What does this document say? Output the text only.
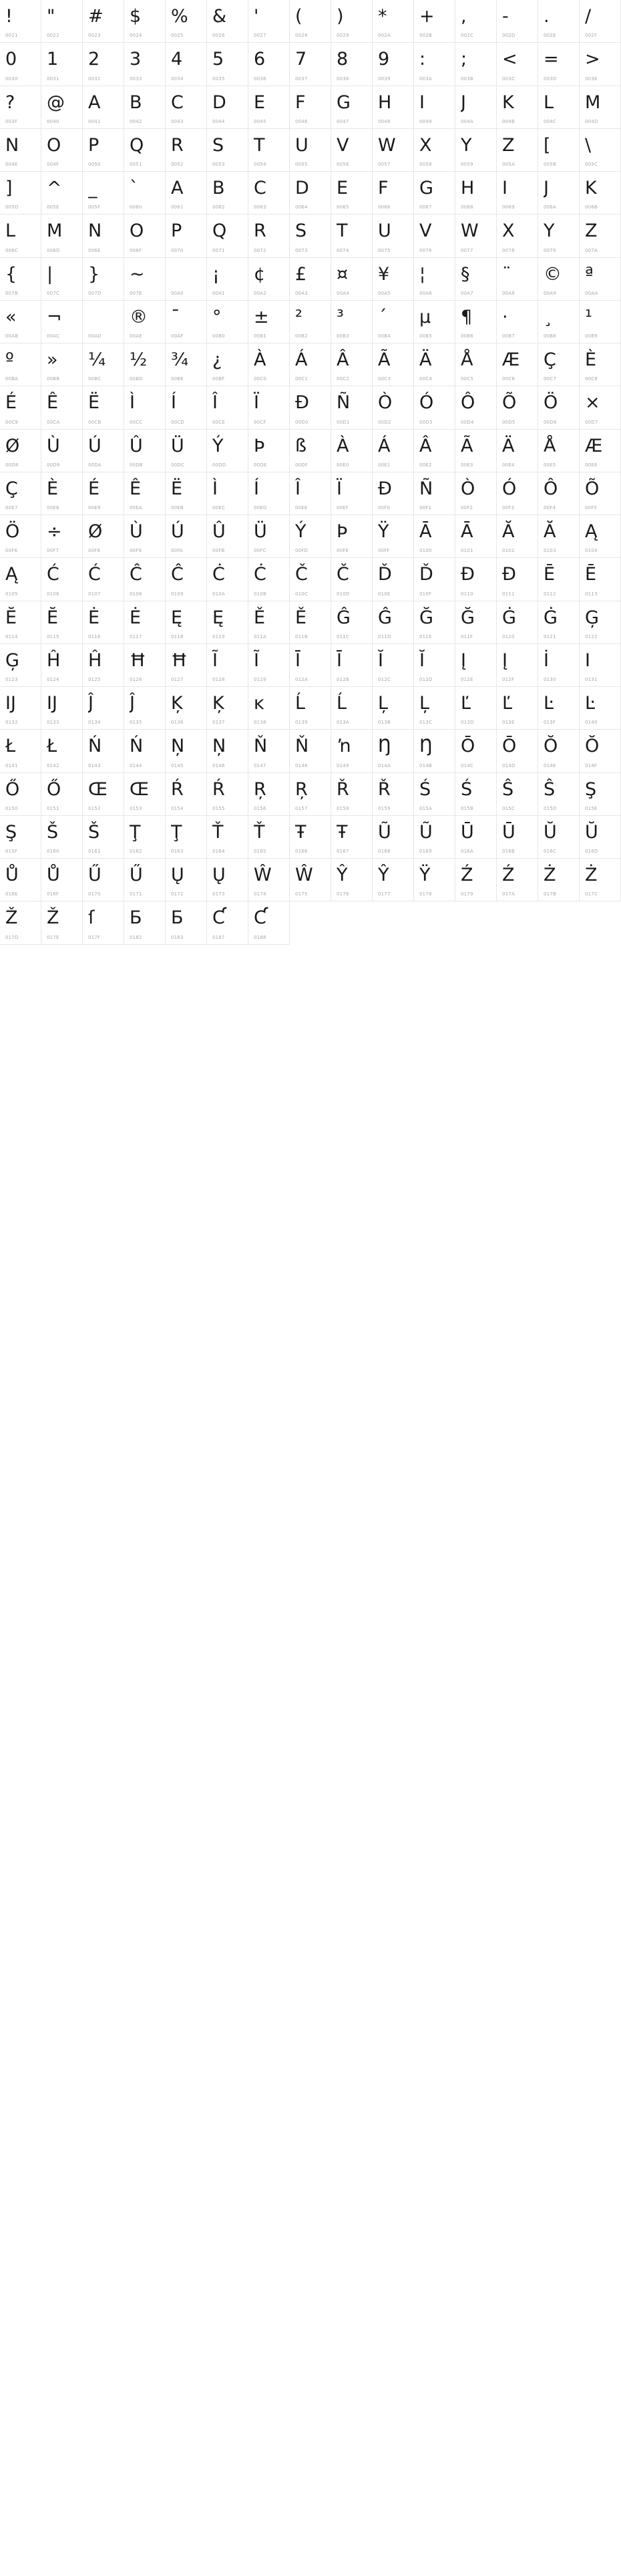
!
0021
"
0022
#
0023
$
0024
%
0025
&
0026
'
0027
(
0028
)
0029
*
002A
+
002B
,
002C
-
002D
.
002E
/
002F
0
0030
1
0031
2
0032
3
0033
4
0034
5
0035
6
0036
7
0037
8
0038
9
0039
:
003A
;
003B
<
003C
=
003D
>
003E
?
003F
@
0040
A
0041
B
0042
C
0043
D
0044
E
0045
F
0046
G
0047
H
0048
I
0049
J
004A
K
004B
L
004C
M
004D
N
004E
O
004F
P
0050
Q
0051
R
0052
S
0053
T
0054
U
0055
V
0056
W
0057
X
0058
Y
0059
Z
005A
[
005B
\
005C
]
005D
^
005E
_
005F
`
0060
A
0061
B
0062
C
0063
D
0064
E
0065
F
0066
G
0067
H
0068
I
0069
J
006A
K
006B
L
006C
M
006D
N
006E
O
006F
P
0070
Q
0071
R
0072
S
0073
T
0074
U
0075
V
0076
W
0077
X
0078
Y
0079
Z
007A
{
007B
|
007C
}
007D
~
007E	00A0
¡
00A1
¢
00A2
£
00A3
¤
00A4
¥
00A5
¦
00A6
§
00A7
¨
00A8
©
00A9
ª
00AA
«
00AB
¬
00AC	00AD
®
00AE
¯
00AF
°
00B0
±
00B1
²
00B2
³
00B3
´
00B4
µ
00B5
¶
00B6
·
00B7
¸
00B8
¹
00B9
º
00BA
»
00BB
¼
00BC
½
00BD
¾
00BE
¿
00BF
À
00C0
Á
00C1
Â
00C2
Ã
00C3
Ä
00C4
Å
00C5
Æ
00C6
Ç
00C7
È
00C8
É
00C9
Ê
00CA
Ë
00CB
Ì
00CC
Í
00CD
Î
00CE
Ï
00CF
Ð
00D0
Ñ
00D1
Ò
00D2
Ó
00D3
Ô
00D4
Õ
00D5
Ö
00D6
×
00D7
Ø
00D8
Ù
00D9
Ú
00DA
Û
00DB
Ü
00DC
Ý
00DD
Þ
00DE
ß
00DF
À
00E0
Á
00E1
Â
00E2
Ã
00E3
Ä
00E4
Å
00E5
Æ
00E6
Ç
00E7
È
00E8
É
00E9
Ê
00EA
Ë
00EB
Ì
00EC
Í
00ED
Î
00EE
Ï
00EF
Ð
00F0
Ñ
00F1
Ò
00F2
Ó
00F3
Ô
00F4
Õ
00F5
Ö
00F6
÷
00F7
Ø
00F8
Ù
00F9
Ú
00FA
Û
00FB
Ü
00FC
Ý
00FD
Þ
00FE
Ÿ
00FF
Ā
0100
Ā
0101
Ă
0102
Ă
0103
Ą
0104
Ą
0105
Ć
0106
Ć
0107
Ĉ
0108
Ĉ
0109
Ċ
010A
Ċ
010B
Č
010C
Č
010D
Ď
010E
Ď
010F
Đ
0110
Đ
0111
Ē
0112
Ē
0113
Ĕ
0114
Ĕ
0115
Ė
0116
Ė
0117
Ę
0118
Ę
0119
Ě
011A
Ě
011B
Ĝ
011C
Ĝ
011D
Ğ
011E
Ğ
011F
Ġ
0120
Ġ
0121
Ģ
0122
Ģ
0123
Ĥ
0124
Ĥ
0125
Ħ
0126
Ħ
0127
Ĩ
0128
Ĩ
0129
Ī
012A
Ī
012B
Ĭ
012C
Ĭ
012D
Į
012E
Į
012F
İ
0130
I
0131
Ĳ
0132
Ĳ
0133
Ĵ
0134
Ĵ
0135
Ķ
0136
Ķ
0137
ĸ
0138
Ĺ
0139
Ĺ
013A
Ļ
013B
Ļ
013C
Ľ
013D
Ľ
013E
Ŀ
013F
Ŀ
0140
Ł
0141
Ł
0142
Ń
0143
Ń
0144
Ņ
0145
Ņ
0146
Ň
0147
Ň
0148
ŉ
0149
Ŋ
014A
Ŋ
014B
Ō
014C
Ō
014D
Ŏ
014E
Ŏ
014F
Ő
0150
Ő
0151
Œ
0152
Œ
0153
Ŕ
0154
Ŕ
0155
Ŗ
0156
Ŗ
0157
Ř
0158
Ř
0159
Ś
015A
Ś
015B
Ŝ
015C
Ŝ
015D
Ş
015E
Ş
015F
Š
0160
Š
0161
Ţ
0162
Ţ
0163
Ť
0164
Ť
0165
Ŧ
0166
Ŧ
0167
Ũ
0168
Ũ
0169
Ū
016A
Ū
016B
Ŭ
016C
Ŭ
016D
Ů
016E
Ů
016F
Ű
0170
Ű
0171
Ų
0172
Ų
0173
Ŵ
0174
Ŵ
0175
Ŷ
0176
Ŷ
0177
Ÿ
0178
Ź
0179
Ź
017A
Ż
017B
Ż
017C
Ž
017D
Ž
017E
ſ
017F
Ƃ
0182
Ƃ
0183
Ƈ
0187
Ƈ
0188
